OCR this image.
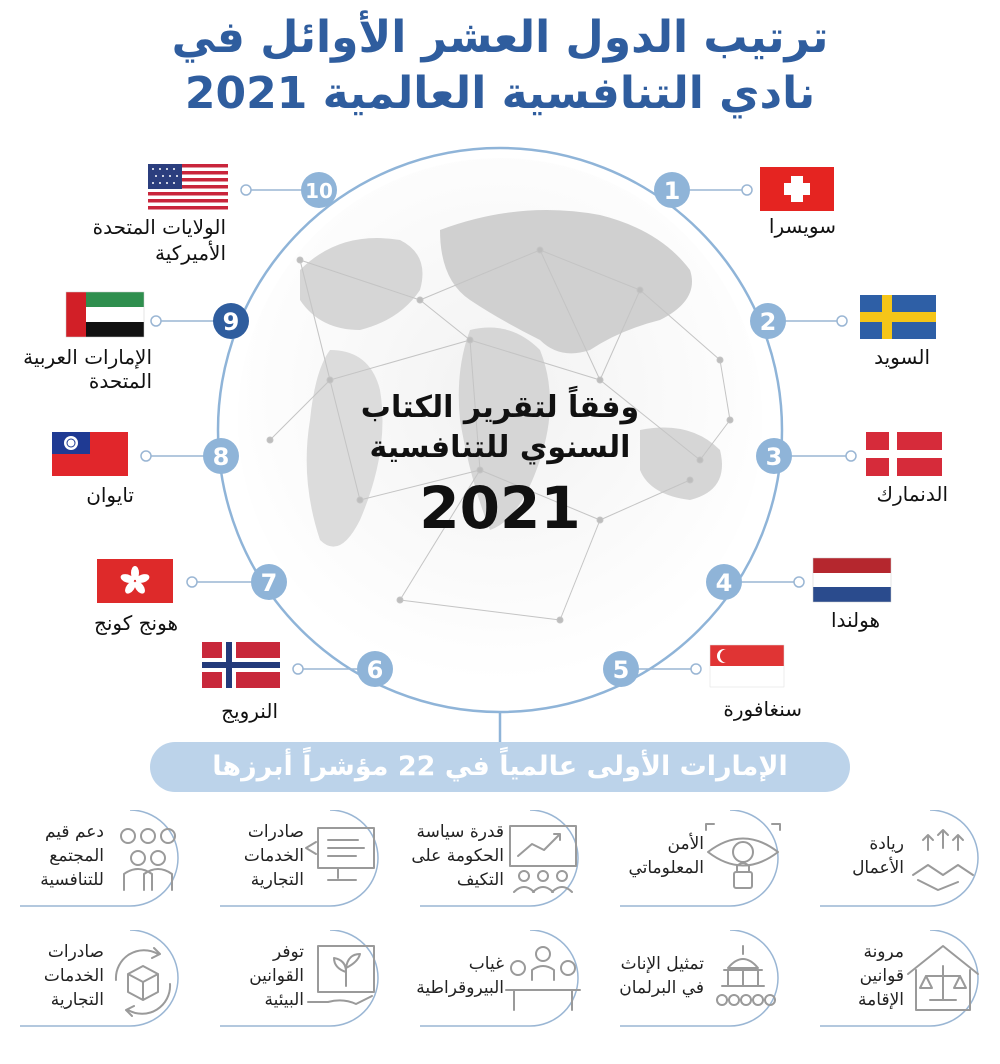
ترتيب الدول العشر الأوائل في
نادي التنافسية العالمية 2021
1
2
3
4
5
6
7
8
9
10
وفقاً لتقرير الكتاب
السنوي للتنافسية
2021
سويسرا
السويد
الدنمارك
هولندا
سنغافورة
النرويج
هونج كونج
تايوان
الإمارات العربية
المتحدة
الولايات المتحدة
الأميركية
الإمارات الأولى عالمياً في 22 مؤشراً أبرزها
ريادة
الأعمال
الأمن
المعلوماتي
قدرة سياسة
الحكومة على
التكيف
صادرات
الخدمات
التجارية
دعم قيم
المجتمع
للتنافسية
مرونة
قوانين
الإقامة
تمثيل الإناث
في البرلمان
غياب
البيروقراطية
توفر
القوانين
البيئية
صادرات
الخدمات
التجارية
